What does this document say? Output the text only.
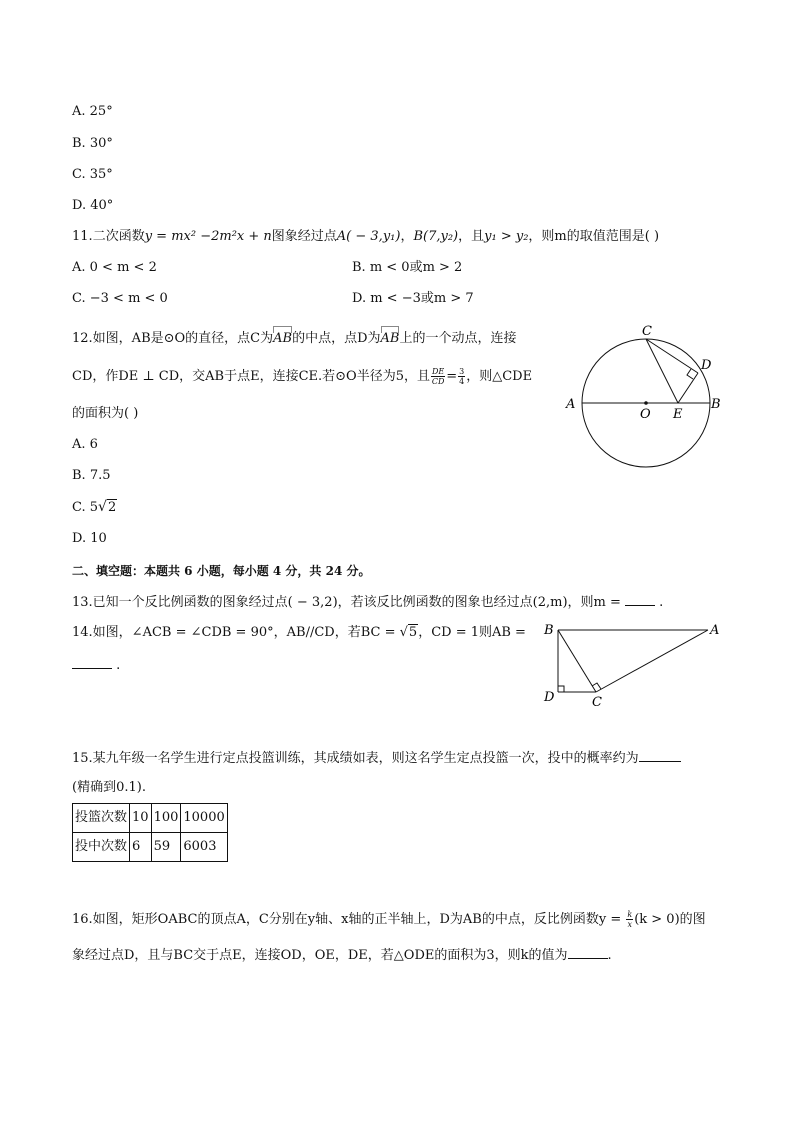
A. 25°
B. 30°
C. 35°
D. 40°
11.二次函数y = mx² −2m²x + n图象经过点A( − 3,y₁)，B(7,y₂)，且y₁ > y₂，则m的取值范围是( )
A. 0 < m < 2	B. m < 0或m > 2
C. −3 < m < 0	D. m < −3或m > 7
12.如图，AB是⊙O的直径，点C为
AB的中点，点D为
AB上的一个动点，连接
CD，作DE ⊥ CD，交AB于点E，连接CE.若⊙O半径为5，且 $\frac{DE}{CD} = \frac{3}{4}$ ，则△CDE
的面积为( )
A. 6
B. 7.5
C. 5√2
D. 10
A	B
C
D
E
O
二、填空题：本题共 6 小题，每小题 4 分，共 24 分。
13.已知一个反比例函数的图象经过点( − 3,2)，若该反比例函数的图象也经过点(2,m)，则m =  .
14.如图，∠ACB = ∠CDB = 90°，AB//CD，若BC = √5，CD = 1则AB =
.
B	A
D	C
15.某九年级一名学生进行定点投篮训练，其成绩如表，则这名学生定点投篮一次，投中的概率约为
(精确到0.1).
投篮次数	10	100	10000
投中次数	6	59	6003
16.如图，矩形OABC的顶点A，C分别在y轴、x轴的正半轴上，D为AB的中点，反比例函数$y = \frac{k}{x} (k > 0)$的图
象经过点D，且与BC交于点E，连接OD，OE，DE，若△ODE的面积为3，则k的值为	.
